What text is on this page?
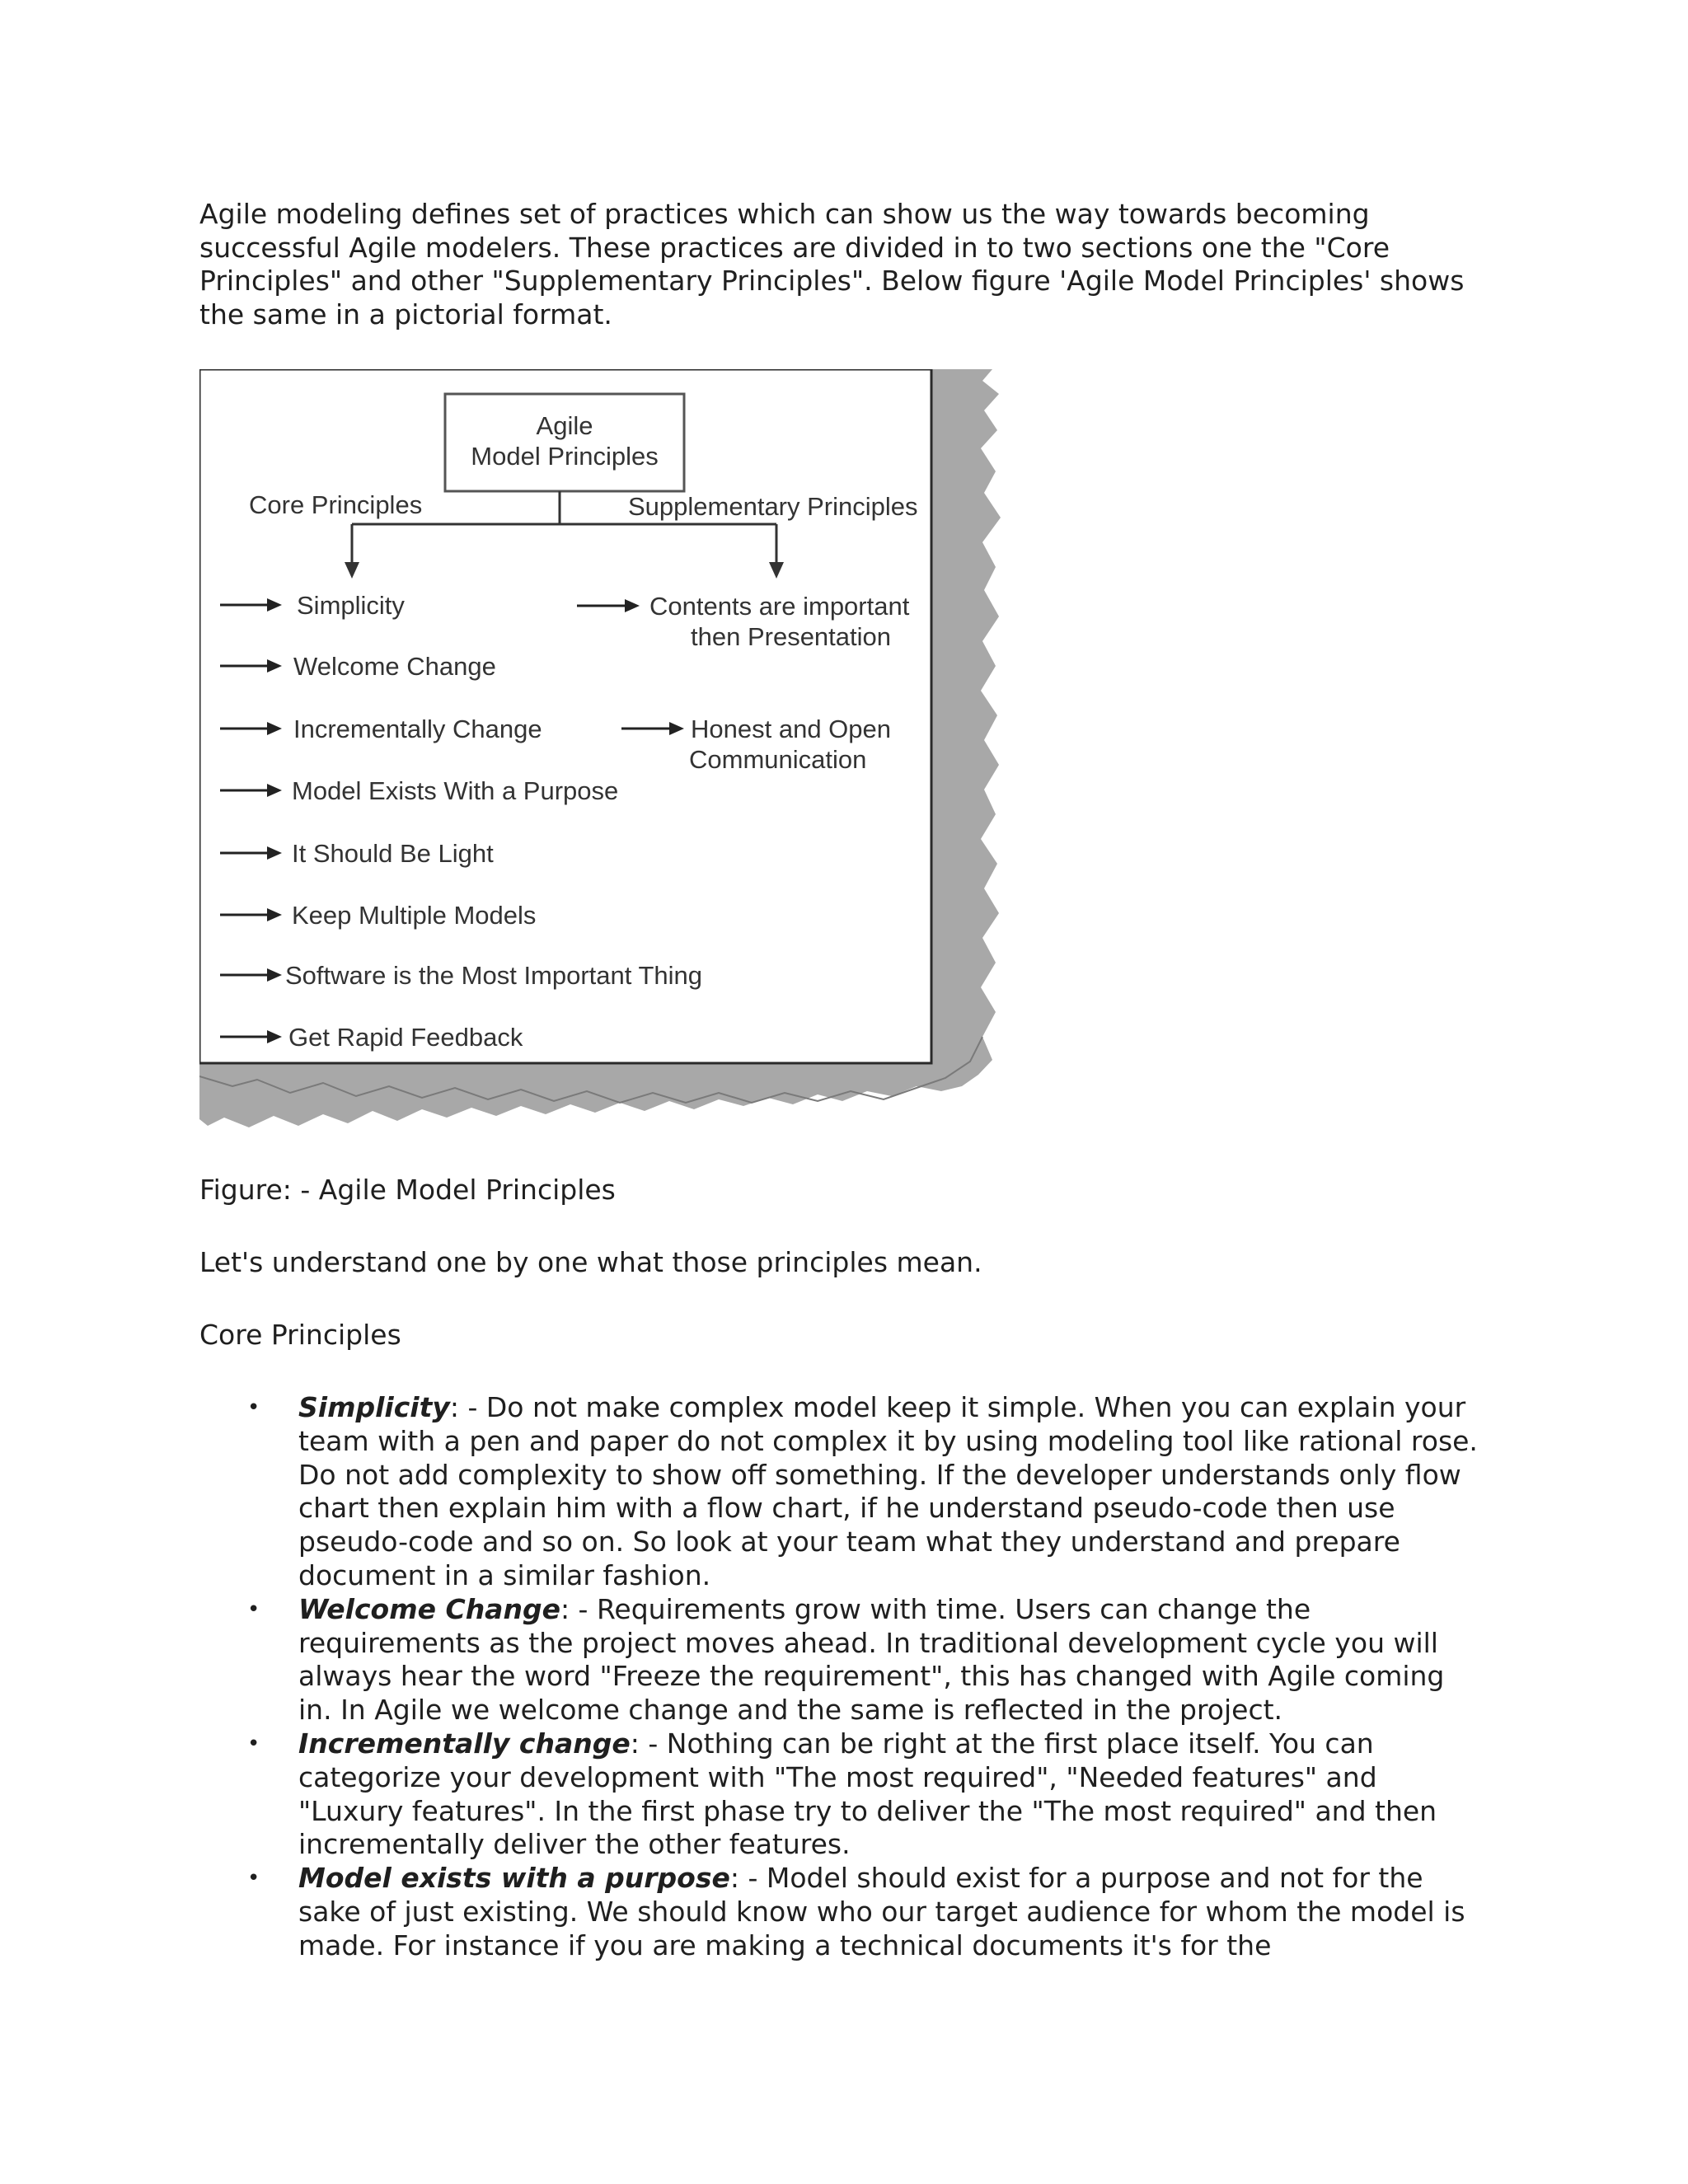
Agile modeling defines set of practices which can show us the way towards becoming successful Agile modelers. These practices are divided in to two sections one the "Core Principles" and other "Supplementary Principles". Below figure 'Agile Model Principles' shows the same in a pictorial format.

Agile
Model Principles
Core Principles	Supplementary Principles
Simplicity
Welcome Change
Incrementally Change
Model Exists With a Purpose
It Should Be Light
Keep Multiple Models
Software is the Most Important Thing
Get Rapid Feedback
Contents are important
then Presentation
Honest and Open
Communication

Figure: - Agile Model Principles

Let's understand one by one what those principles mean.

Core Principles

• Simplicity: - Do not make complex model keep it simple. When you can explain your team with a pen and paper do not complex it by using modeling tool like rational rose. Do not add complexity to show off something. If the developer understands only flow chart then explain him with a flow chart, if he understand pseudo-code then use pseudo-code and so on. So look at your team what they understand and prepare document in a similar fashion.
• Welcome Change: - Requirements grow with time. Users can change the requirements as the project moves ahead. In traditional development cycle you will always hear the word "Freeze the requirement", this has changed with Agile coming in. In Agile we welcome change and the same is reflected in the project.
• Incrementally change: - Nothing can be right at the first place itself. You can categorize your development with "The most required", "Needed features" and "Luxury features". In the first phase try to deliver the "The most required" and then incrementally deliver the other features.
• Model exists with a purpose: - Model should exist for a purpose and not for the sake of just existing. We should know who our target audience for whom the model is made. For instance if you are making a technical documents it's for the
